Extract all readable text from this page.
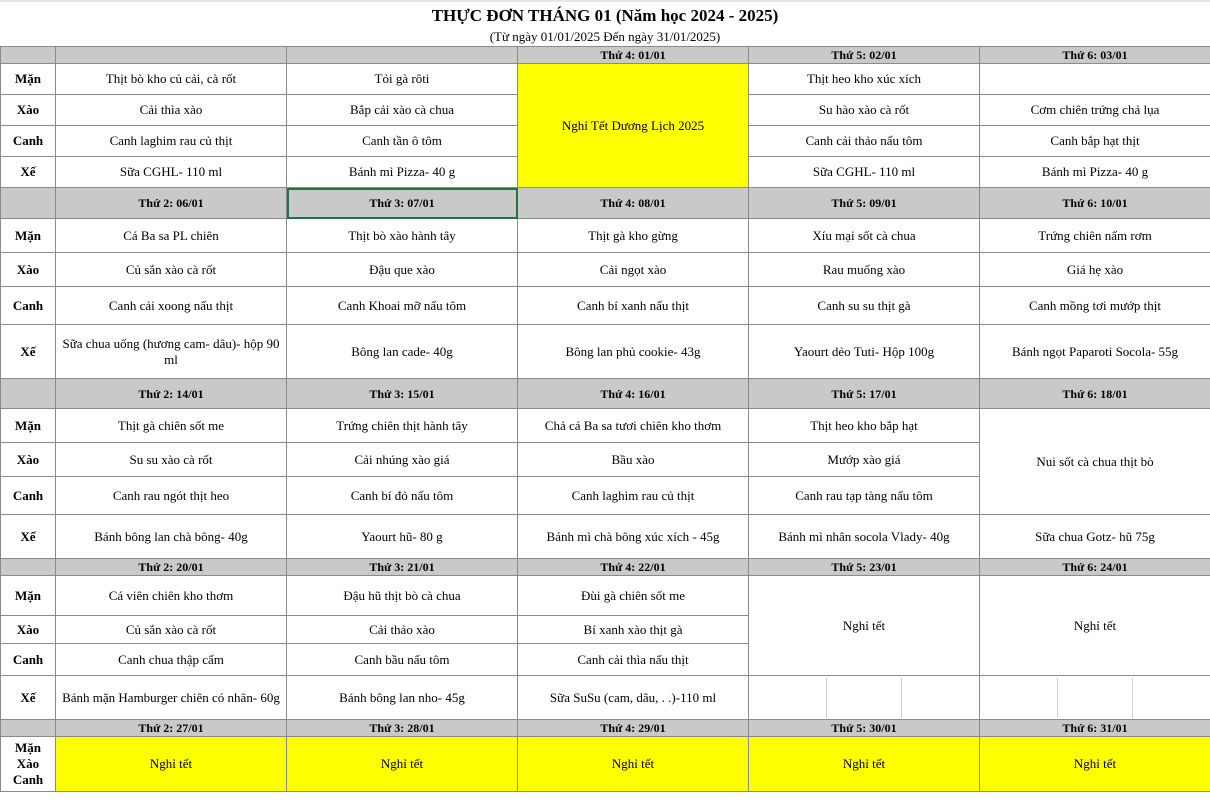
THỰC ĐƠN THÁNG 01 (Năm học 2024 - 2025)
(Từ ngày 01/01/2025 Đến ngày 31/01/2025)
			Thứ 4: 01/01	Thứ 5: 02/01	Thứ 6: 03/01
Mặn	Thịt bò kho củ cải, cà rốt	Tỏi gà rôti	Nghỉ Tết Dương Lịch 2025	Thịt heo kho xúc xích	
Xào	Cải thìa xào	Bắp cải xào cà chua		Su hào xào cà rốt	Cơm chiên trứng chả lụa
Canh	Canh laghim rau củ thịt	Canh tần ô tôm		Canh cải thảo nấu tôm	Canh bắp hạt thịt
Xế	Sữa CGHL- 110 ml	Bánh mì Pizza- 40 g		Sữa CGHL- 110 ml	Bánh mì Pizza- 40 g
	Thứ 2: 06/01	Thứ 3: 07/01	Thứ 4: 08/01	Thứ 5: 09/01	Thứ 6: 10/01
Mặn	Cá Ba sa PL chiên	Thịt bò xào hành tây	Thịt gà kho gừng	Xíu mại sốt cà chua	Trứng chiên nấm rơm
Xào	Củ sắn xào cà rốt	Đậu que xào	Cải ngọt xào	Rau muống xào	Giá hẹ xào
Canh	Canh cải xoong nấu thịt	Canh Khoai mỡ nấu tôm	Canh bí xanh nấu thịt	Canh su su thịt gà	Canh mồng tơi mướp thịt
Xế	Sữa chua uống (hương cam- dâu)- hộp 90 ml	Bông lan cade- 40g	Bông lan phủ cookie- 43g	Yaourt dẻo Tuti- Hộp 100g	Bánh ngọt Paparoti Socola- 55g
	Thứ 2: 14/01	Thứ 3: 15/01	Thứ 4: 16/01	Thứ 5: 17/01	Thứ 6: 18/01
Mặn	Thịt gà chiên sốt me	Trứng chiên thịt hành tây	Chả cá Ba sa tươi chiên kho thơm	Thịt heo kho bắp hạt	Nui sốt cà chua thịt bò
Xào	Su su xào cà rốt	Cải nhúng xào giá	Bầu xào	Mướp xào giá	
Canh	Canh rau ngót thịt heo	Canh bí đỏ nấu tôm	Canh laghim rau củ thịt	Canh rau tạp tàng nấu tôm	
Xế	Bánh bông lan chà bông- 40g	Yaourt hũ- 80 g	Bánh mì chà bông xúc xích - 45g	Bánh mì nhân socola Vlady- 40g	Sữa chua Gotz- hũ 75g
	Thứ 2: 20/01	Thứ 3: 21/01	Thứ 4: 22/01	Thứ 5: 23/01	Thứ 6: 24/01
Mặn	Cá viên chiên kho thơm	Đậu hũ thịt bò cà chua	Đùi gà chiên sốt me	Nghỉ tết	Nghỉ tết
Xào	Củ sắn xào cà rốt	Cải thảo xào	Bí xanh xào thịt gà		
Canh	Canh chua thập cẩm	Canh bầu nấu tôm	Canh cải thìa nấu thịt		
Xế	Bánh mặn Hamburger chiên có nhân- 60g	Bánh bông lan nho- 45g	Sữa SuSu (cam, dâu, . .)-110 ml	

	Thứ 2: 27/01	Thứ 3: 28/01	Thứ 4: 29/01	Thứ 5: 30/01	Thứ 6: 31/01

Mặn
Xào
Canh	Nghỉ tết	Nghỉ tết	Nghỉ tết	Nghỉ tết	Nghỉ tết
